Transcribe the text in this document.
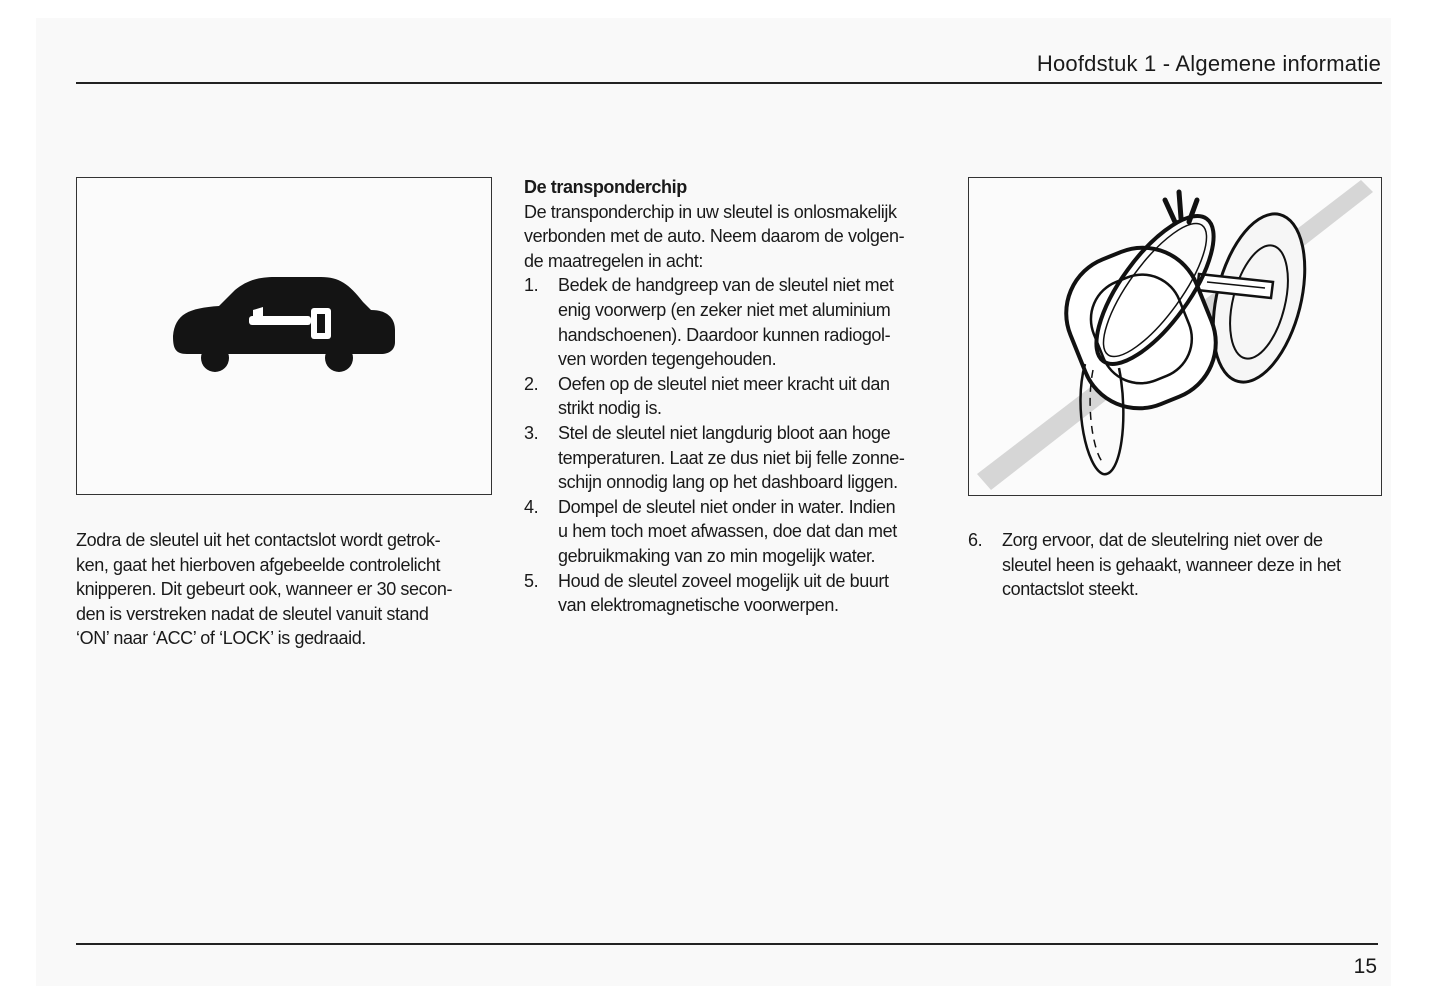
Hoofdstuk 1 - Algemene informatie
Zodra de sleutel uit het contactslot wordt getrok-
ken, gaat het hierboven afgebeelde controlelicht
knipperen. Dit gebeurt ook, wanneer er 30 secon-
den is verstreken nadat de sleutel vanuit stand
‘ON’ naar ‘ACC’ of ‘LOCK’ is gedraaid.
De transponderchip
De transponderchip in uw sleutel is onlosmakelijk
verbonden met de auto. Neem daarom de volgen-
de maatregelen in acht:
1.	Bedek de handgreep van de sleutel niet met
enig voorwerp (en zeker niet met aluminium
handschoenen). Daardoor kunnen radiogol-
ven worden tegengehouden.
2.	Oefen op de sleutel niet meer kracht uit dan
strikt nodig is.
3.	Stel de sleutel niet langdurig bloot aan hoge
temperaturen. Laat ze dus niet bij felle zonne-
schijn onnodig lang op het dashboard liggen.
4.	Dompel de sleutel niet onder in water. Indien
u hem toch moet afwassen, doe dat dan met
gebruikmaking van zo min mogelijk water.
5.	Houd de sleutel zoveel mogelijk uit de buurt
van elektromagnetische voorwerpen.
6.	Zorg ervoor, dat de sleutelring niet over de
sleutel heen is gehaakt, wanneer deze in het
contactslot steekt.
15
